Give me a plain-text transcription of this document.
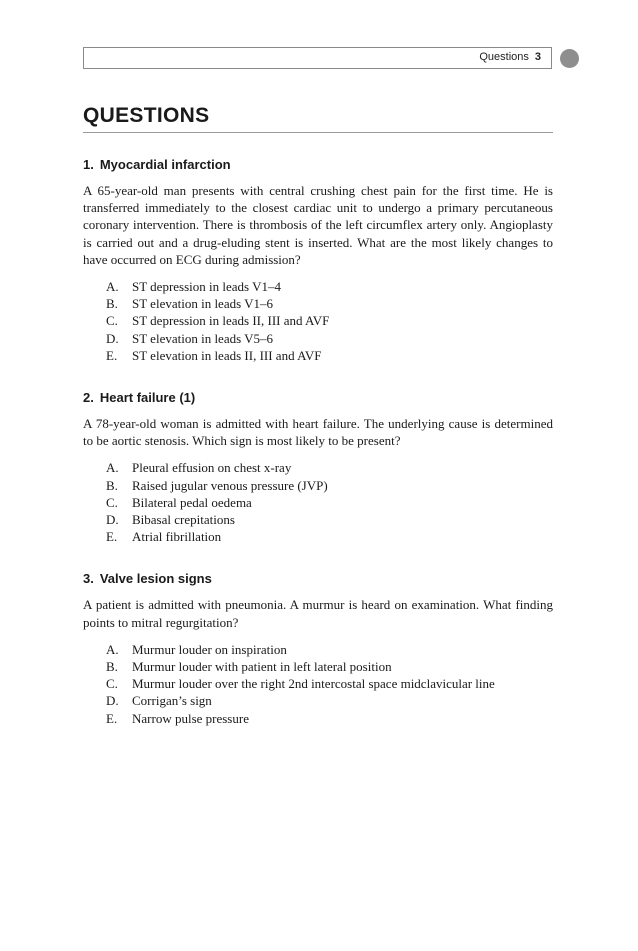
Questions 3
QUESTIONS
1. Myocardial infarction

A 65-year-old man presents with central crushing chest pain for the first time. He is transferred immediately to the closest cardiac unit to undergo a primary percutaneous coronary intervention. There is thrombosis of the left circumflex artery only. Angioplasty is carried out and a drug-eluding stent is inserted. What are the most likely changes to have occurred on ECG during admission?

A.	ST depression in leads V1–4
B.	ST elevation in leads V1–6
C.	ST depression in leads II, III and AVF
D.	ST elevation in leads V5–6
E.	ST elevation in leads II, III and AVF
2. Heart failure (1)

A 78-year-old woman is admitted with heart failure. The underlying cause is determined to be aortic stenosis. Which sign is most likely to be present?

A.	Pleural effusion on chest x-ray
B.	Raised jugular venous pressure (JVP)
C.	Bilateral pedal oedema
D.	Bibasal crepitations
E.	Atrial fibrillation
3. Valve lesion signs

A patient is admitted with pneumonia. A murmur is heard on examination. What finding points to mitral regurgitation?

A.	Murmur louder on inspiration
B.	Murmur louder with patient in left lateral position
C.	Murmur louder over the right 2nd intercostal space midclavicular line
D.	Corrigan’s sign
E.	Narrow pulse pressure
